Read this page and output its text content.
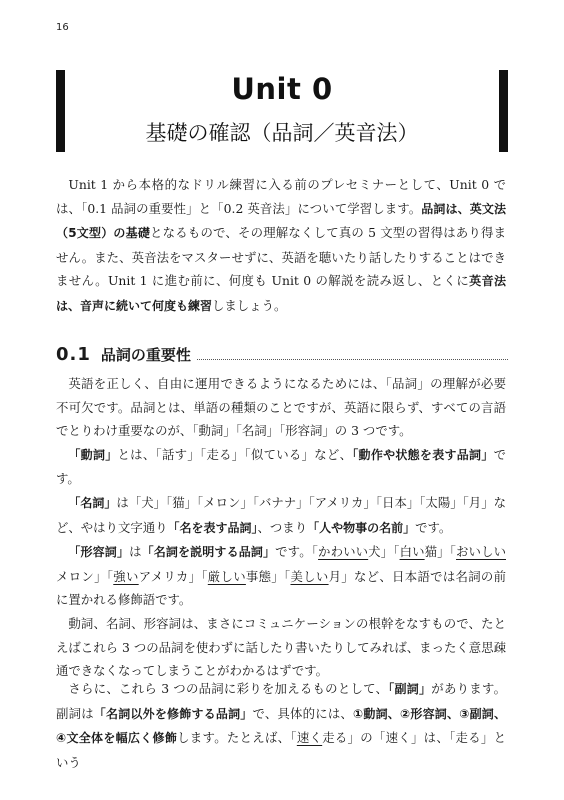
16
Unit 0
基礎の確認（品詞／英音法）

Unit 1 から本格的なドリル練習に入る前のプレセミナーとして、Unit 0 では、「0.1 品詞の重要性」と「0.2 英音法」について学習します。品詞は、英文法（5文型）の基礎となるもので、その理解なくして真の 5 文型の習得はあり得ません。また、英音法をマスターせずに、英語を聴いたり話したりすることはできません。Unit 1 に進む前に、何度も Unit 0 の解説を読み返し、とくに英音法は、音声に続いて何度も練習しましょう。

0.1 品詞の重要性

英語を正しく、自由に運用できるようになるためには、「品詞」の理解が必要不可欠です。品詞とは、単語の種類のことですが、英語に限らず、すべての言語でとりわけ重要なのが、「動詞」「名詞」「形容詞」の 3 つです。

「動詞」とは、「話す」「走る」「似ている」など、「動作や状態を表す品詞」です。

「名詞」は「犬」「猫」「メロン」「バナナ」「アメリカ」「日本」「太陽」「月」など、やはり文字通り「名を表す品詞」、つまり「人や物事の名前」です。

「形容詞」は「名詞を説明する品詞」です。「かわいい犬」「白い猫」「おいしいメロン」「強いアメリカ」「厳しい事態」「美しい月」など、日本語では名詞の前に置かれる修飾語です。

動詞、名詞、形容詞は、まさにコミュニケーションの根幹をなすもので、たとえばこれら 3 つの品詞を使わずに話したり書いたりしてみれば、まったく意思疎通できなくなってしまうことがわかるはずです。

さらに、これら 3 つの品詞に彩りを加えるものとして、「副詞」があります。副詞は「名詞以外を修飾する品詞」で、具体的には、①動詞、②形容詞、③副詞、④文全体を幅広く修飾します。たとえば、「速く走る」の「速く」は、「走る」という
